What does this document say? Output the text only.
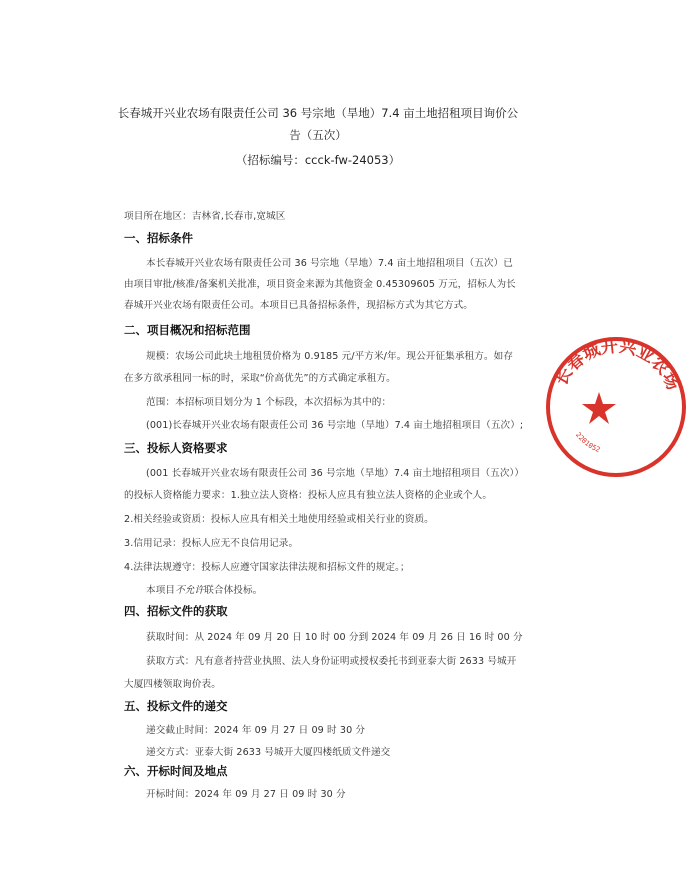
长春城开兴业农场有限责任公司 36 号宗地（旱地）7.4 亩土地招租项目询价公
告（五次）
（招标编号：ccck-fw-24053）
项目所在地区：吉林省,长春市,宽城区
一、招标条件
本长春城开兴业农场有限责任公司 36 号宗地（旱地）7.4 亩土地招租项目（五次）已
由项目审批/核准/备案机关批准，项目资金来源为其他资金 0.45309605 万元，招标人为长
春城开兴业农场有限责任公司。本项目已具备招标条件，现招标方式为其它方式。
二、项目概况和招标范围
规模：农场公司此块土地租赁价格为 0.9185 元/平方米/年。现公开征集承租方。如存
在多方欲承租同一标的时，采取“价高优先”的方式确定承租方。
范围：本招标项目划分为 1 个标段，本次招标为其中的：
(001)长春城开兴业农场有限责任公司 36 号宗地（旱地）7.4 亩土地招租项目（五次）;
三、投标人资格要求
(001 长春城开兴业农场有限责任公司 36 号宗地（旱地）7.4 亩土地招租项目（五次））
的投标人资格能力要求：1.独立法人资格：投标人应具有独立法人资格的企业或个人。
2.相关经验或资质：投标人应具有相关土地使用经验或相关行业的资质。
3.信用记录：投标人应无不良信用记录。
4.法律法规遵守：投标人应遵守国家法律法规和招标文件的规定。；
本项目不允许联合体投标。
四、招标文件的获取
获取时间：从 2024 年 09 月 20 日 10 时 00 分到 2024 年 09 月 26 日 16 时 00 分
获取方式：凡有意者持营业执照、法人身份证明或授权委托书到亚泰大街 2633 号城开
大厦四楼领取询价表。
五、投标文件的递交
递交截止时间：2024 年 09 月 27 日 09 时 30 分
递交方式：亚泰大街 2633 号城开大厦四楼纸质文件递交
六、开标时间及地点
开标时间：2024 年 09 月 27 日 09 时 30 分
长春城开兴业农场
2201052
